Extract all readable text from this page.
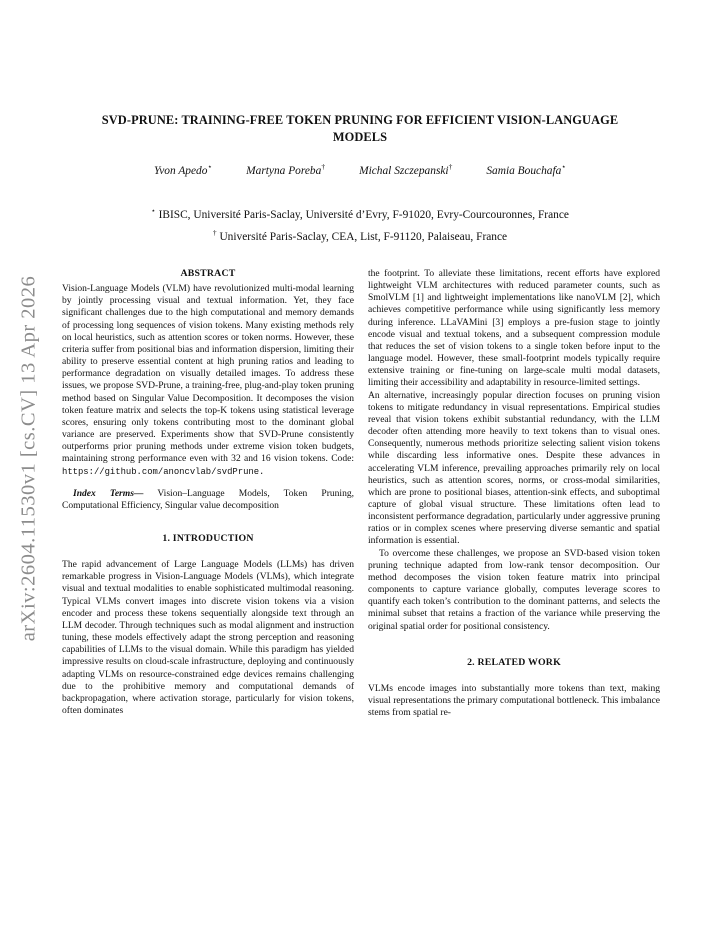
arXiv:2604.11530v1 [cs.CV] 13 Apr 2026
SVD-PRUNE: TRAINING-FREE TOKEN PRUNING FOR EFFICIENT VISION-LANGUAGE
MODELS
Yvon Apedo⋆	Martyna Poreba†	Michal Szczepanski†	Samia Bouchafa⋆
⋆ IBISC, Université Paris-Saclay, Université d’Evry, F-91020, Evry-Courcouronnes, France
† Université Paris-Saclay, CEA, List, F-91120, Palaiseau, France

ABSTRACT

Vision-Language Models (VLM) have revolutionized multi-modal learning by jointly processing visual and textual information. Yet, they face significant challenges due to the high computational and memory demands of processing long sequences of vision tokens. Many existing methods rely on local heuristics, such as attention scores or token norms. However, these criteria suffer from positional bias and information dispersion, limiting their ability to preserve essential content at high pruning ratios and leading to performance degradation on visually detailed images. To address these issues, we propose SVD-Prune, a training-free, plug-and-play token pruning method based on Singular Value Decomposition. It decomposes the vision token feature matrix and selects the top-K tokens using statistical leverage scores, ensuring only tokens contributing most to the dominant global variance are preserved. Experiments show that SVD-Prune consistently outperforms prior pruning methods under extreme vision token budgets, maintaining strong performance even with 32 and 16 vision tokens. Code: https://github.com/anoncvlab/svdPrune.

Index Terms— Vision–Language Models, Token Pruning, Computational Efficiency, Singular value decomposition

1. INTRODUCTION

The rapid advancement of Large Language Models (LLMs) has driven remarkable progress in Vision-Language Models (VLMs), which integrate visual and textual modalities to enable sophisticated multimodal reasoning. Typical VLMs convert images into discrete vision tokens via a vision encoder and process these tokens sequentially alongside text through an LLM decoder. Through techniques such as modal alignment and instruction tuning, these models effectively adapt the strong perception and reasoning capabilities of LLMs to the visual domain. While this paradigm has yielded impressive results on cloud-scale infrastructure, deploying and continuously adapting VLMs on resource-constrained edge devices remains challenging due to the prohibitive memory and computational demands of backpropagation, where activation storage, particularly for vision tokens, often dominates

the footprint. To alleviate these limitations, recent efforts have explored lightweight VLM architectures with reduced parameter counts, such as SmolVLM [1] and lightweight implementations like nanoVLM [2], which achieves competitive performance while using significantly less memory during inference. LLaVAMini [3] employs a pre-fusion stage to jointly encode visual and textual tokens, and a subsequent compression module that reduces the set of vision tokens to a single token before input to the language model. However, these small-footprint models typically require extensive training or fine-tuning on large-scale multi modal datasets, limiting their accessibility and adaptability in resource-limited settings.

An alternative, increasingly popular direction focuses on pruning vision tokens to mitigate redundancy in visual representations. Empirical studies reveal that vision tokens exhibit substantial redundancy, with the LLM decoder often attending more heavily to text tokens than to visual ones. Consequently, numerous methods prioritize selecting salient vision tokens while discarding less informative ones. Despite these advances in accelerating VLM inference, prevailing approaches primarily rely on local heuristics, such as attention scores, norms, or cross-modal similarities, which are prone to positional biases, attention-sink effects, and suboptimal capture of global visual structure. These limitations often lead to inconsistent performance degradation, particularly under aggressive pruning ratios or in complex scenes where preserving diverse semantic and spatial information is essential.

To overcome these challenges, we propose an SVD-based vision token pruning technique adapted from low-rank tensor decomposition. Our method decomposes the vision token feature matrix into principal components to capture variance globally, computes leverage scores to quantify each token’s contribution to the dominant patterns, and selects the minimal subset that retains a fraction of the variance while preserving the original spatial order for positional consistency.

2. RELATED WORK

VLMs encode images into substantially more tokens than text, making visual representations the primary computational bottleneck. This imbalance stems from spatial re-
